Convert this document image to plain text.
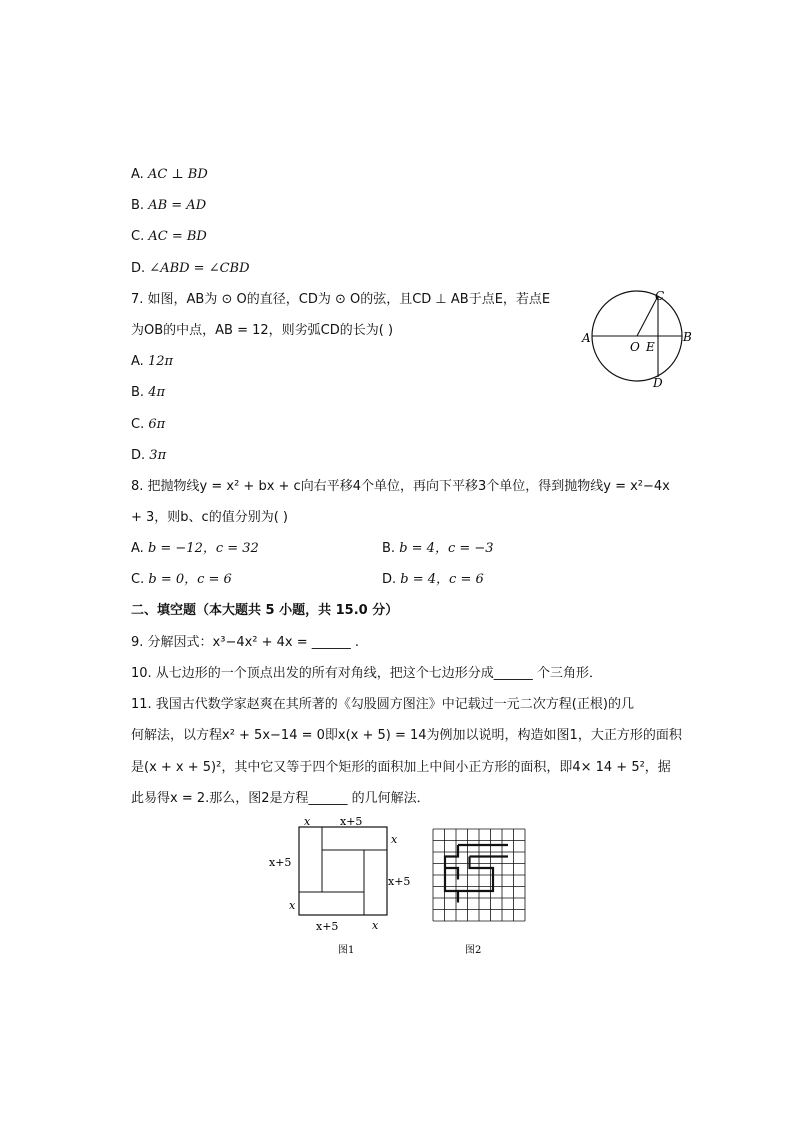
A. AC ⊥ BD
B. AB = AD
C. AC = BD
D. ∠ABD = ∠CBD
7. 如图，AB为 ⊙ O的直径，CD为 ⊙ O的弦，且CD ⊥ AB于点E，若点E
为OB的中点，AB = 12，则劣弧CD的长为( )
A. 12π
B. 4π
C. 6π
D. 3π
A	B
C
D
O E
8. 把抛物线y = x² + bx + c向右平移4个单位，再向下平移3个单位，得到抛物线y = x²−4x
+ 3，则b、c的值分别为( )
A. b = −12，c = 32	B. b = 4，c = −3
C. b = 0，c = 6	D. b = 4，c = 6
二、填空题（本大题共 5 小题，共 15.0 分）
9. 分解因式：x³−4x² + 4x = ______ .
10. 从七边形的一个顶点出发的所有对角线，把这个七边形分成______ 个三角形．
11. 我国古代数学家赵爽在其所著的《勾股圆方图注》中记载过一元二次方程(正根)的几
何解法，以方程x² + 5x−14 = 0即x(x + 5) = 14为例加以说明，构造如图1，大正方形的面积
是(x + x + 5)²，其中它又等于四个矩形的面积加上中间小正方形的面积，即4× 14 + 5²，据
此易得x = 2.那么，图2是方程______ 的几何解法．
x	x+5
x
x+5
x+5
x
x+5	x
图1	图2
